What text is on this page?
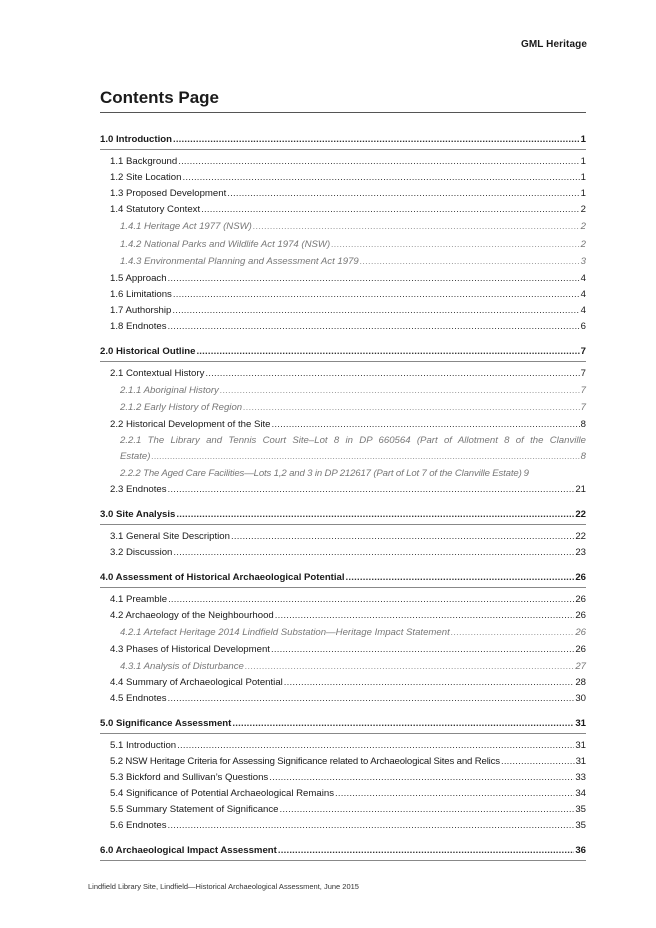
GML Heritage
Contents Page
1.0 Introduction .....	1
1.1 Background .....	1
1.2 Site Location .....	1
1.3 Proposed Development .....	1
1.4 Statutory Context .....	2
1.4.1 Heritage Act 1977 (NSW) .....	2
1.4.2 National Parks and Wildlife Act 1974 (NSW) .....	2
1.4.3 Environmental Planning and Assessment Act 1979 .....	3
1.5 Approach .....	4
1.6 Limitations .....	4
1.7 Authorship .....	4
1.8 Endnotes .....	6
2.0 Historical Outline .....	7
2.1 Contextual History .....	7
2.1.1 Aboriginal History .....	7
2.1.2 Early History of Region .....	7
2.2 Historical Development of the Site .....	8
2.2.1 The Library and Tennis Court Site–Lot 8 in DP 660564 (Part of Allotment 8 of the Clanville
Estate) .....	8
2.2.2 The Aged Care Facilities—Lots 1,2 and 3 in DP 212617 (Part of Lot 7 of the Clanville Estate) 9
2.3 Endnotes .....	21
3.0 Site Analysis .....	22
3.1 General Site Description .....	22
3.2 Discussion .....	23
4.0 Assessment of Historical Archaeological Potential .....	26
4.1 Preamble .....	26
4.2 Archaeology of the Neighbourhood .....	26
4.2.1 Artefact Heritage 2014 Lindfield Substation—Heritage Impact Statement .....	26
4.3 Phases of Historical Development .....	26
4.3.1 Analysis of Disturbance .....	27
4.4 Summary of Archaeological Potential .....	28
4.5 Endnotes .....	30
5.0 Significance Assessment .....	31
5.1 Introduction .....	31
5.2 NSW Heritage Criteria for Assessing Significance related to Archaeological Sites and Relics .....	31
5.3 Bickford and Sullivan’s Questions .....	33
5.4 Significance of Potential Archaeological Remains .....	34
5.5 Summary Statement of Significance .....	35
5.6 Endnotes .....	35
6.0 Archaeological Impact Assessment .....	36
Lindfield Library Site, Lindfield—Historical Archaeological Assessment, June 2015
